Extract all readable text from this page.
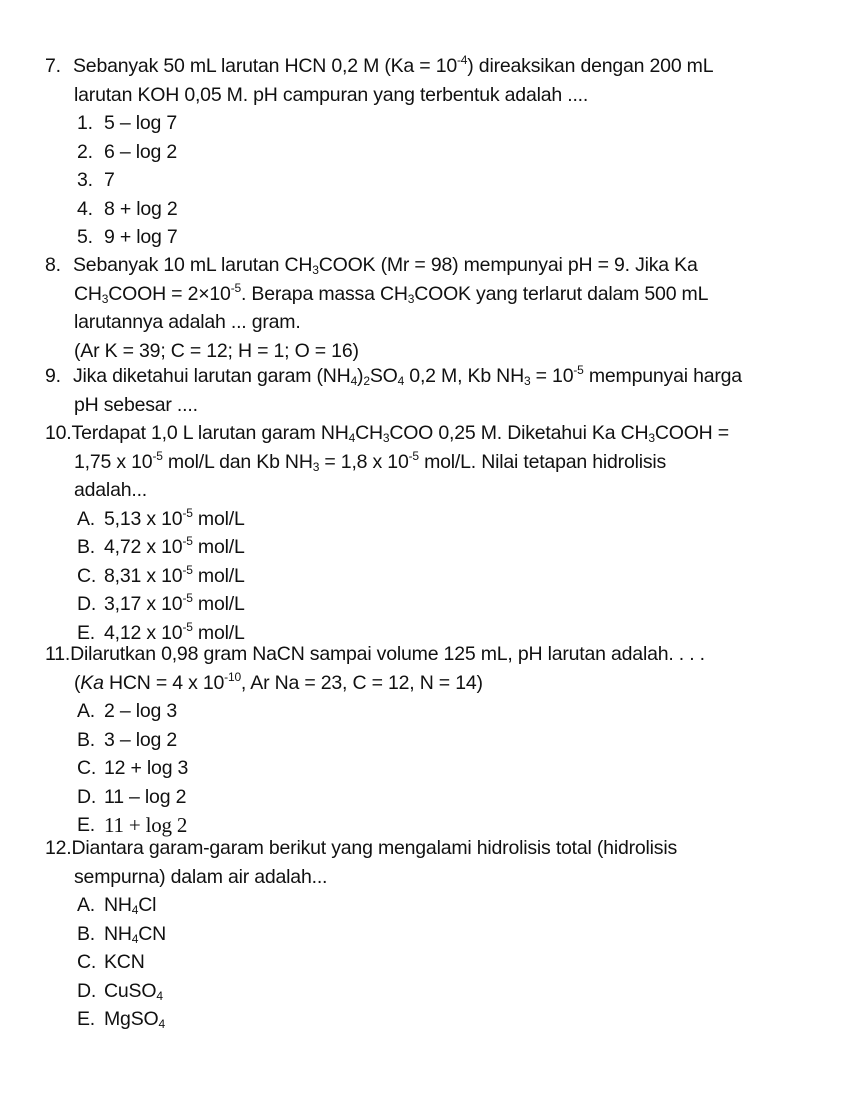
7. Sebanyak 50 mL larutan HCN 0,2 M $(Ka = 10^{-4})$ direaksikan dengan 200 mL
larutan KOH 0,05 M. pH campuran yang terbentuk adalah ....
1. 5 – log 7
2. 6 – log 2
3. 7
4. 8 + log 2
5. 9 + log 7
8. Sebanyak 10 mL larutan $CH_3COOK$ (Mr = 98) mempunyai pH = 9. Jika Ka
$CH_3COOH = 2\times 10^{-5}$. Berapa massa $CH_3COOK$ yang terlarut dalam 500 mL
larutannya adalah ... gram.
(Ar K = 39; C = 12; H = 1; O = 16)
9. Jika diketahui larutan garam $(NH_4)_2SO_4$ 0,2 M, Kb $NH_3 = 10^{-5}$ mempunyai harga
pH sebesar ....
10.Terdapat 1,0 L larutan garam $NH_4CH_3COO$ 0,25 M. Diketahui Ka $CH_3COOH$ =
1,75 x $10^{-5}$ mol/L dan Kb $NH_3 = 1,8$ x $10^{-5}$ mol/L. Nilai tetapan hidrolisis
adalah...
A. 5,13 x $10^{-5}$ mol/L
B. 4,72 x $10^{-5}$ mol/L
C. 8,31 x $10^{-5}$ mol/L
D. 3,17 x $10^{-5}$ mol/L
E. 4,12 x $10^{-5}$ mol/L
11.Dilarutkan 0,98 gram NaCN sampai volume 125 mL, pH larutan adalah. . . .
(Ka HCN = 4 x $10^{-10}$, Ar Na = 23, C = 12, N = 14)
A. 2 – log 3
B. 3 – log 2
C. 12 + log 3
D. 11 – log 2
E. 11 + log 2
12.Diantara garam-garam berikut yang mengalami hidrolisis total (hidrolisis
sempurna) dalam air adalah...
A. $NH_4Cl$
B. $NH_4CN$
C. KCN
D. CuSO$_4$
E. MgSO$_4$
